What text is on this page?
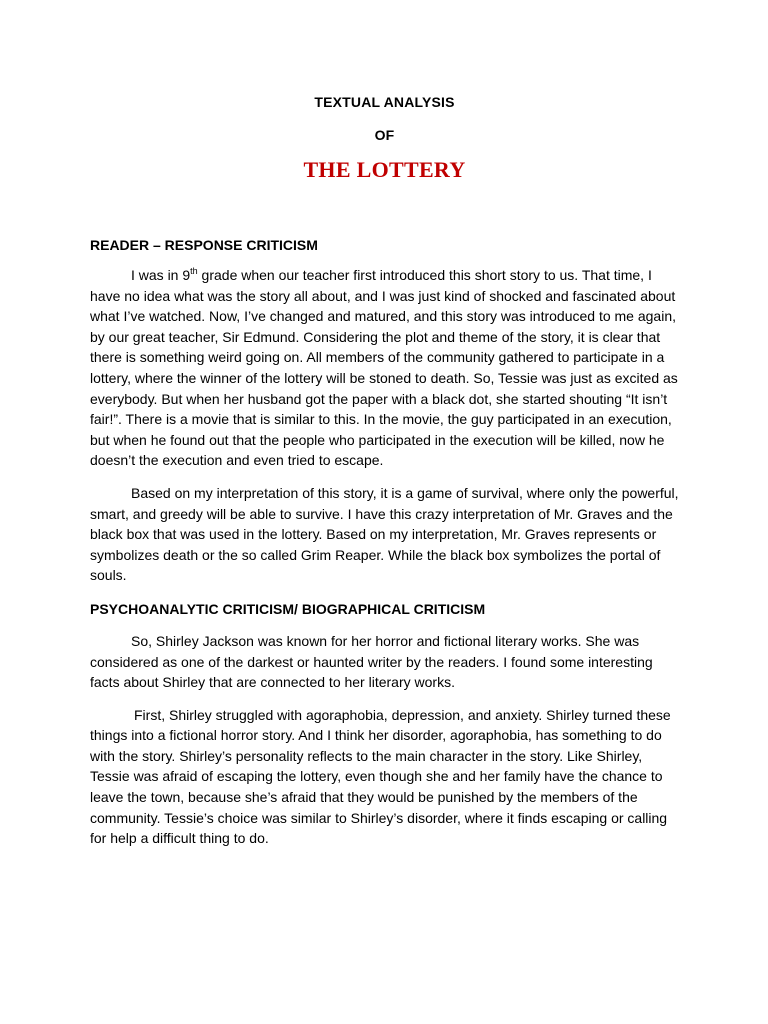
TEXTUAL ANALYSIS
OF
THE LOTTERY
READER – RESPONSE CRITICISM

I was in 9th grade when our teacher first introduced this short story to us. That time, I have no idea what was the story all about, and I was just kind of shocked and fascinated about what I’ve watched. Now, I’ve changed and matured, and this story was introduced to me again, by our great teacher, Sir Edmund. Considering the plot and theme of the story, it is clear that there is something weird going on. All members of the community gathered to participate in a lottery, where the winner of the lottery will be stoned to death. So, Tessie was just as excited as everybody. But when her husband got the paper with a black dot, she started shouting “It isn’t fair!”. There is a movie that is similar to this. In the movie, the guy participated in an execution, but when he found out that the people who participated in the execution will be killed, now he doesn’t the execution and even tried to escape.

Based on my interpretation of this story, it is a game of survival, where only the powerful, smart, and greedy will be able to survive. I have this crazy interpretation of Mr. Graves and the black box that was used in the lottery. Based on my interpretation, Mr. Graves represents or symbolizes death or the so called Grim Reaper. While the black box symbolizes the portal of souls.

PSYCHOANALYTIC CRITICISM/ BIOGRAPHICAL CRITICISM

So, Shirley Jackson was known for her horror and fictional literary works. She was considered as one of the darkest or haunted writer by the readers. I found some interesting facts about Shirley that are connected to her literary works.

First, Shirley struggled with agoraphobia, depression, and anxiety. Shirley turned these things into a fictional horror story. And I think her disorder, agoraphobia, has something to do with the story. Shirley’s personality reflects to the main character in the story. Like Shirley, Tessie was afraid of escaping the lottery, even though she and her family have the chance to leave the town, because she’s afraid that they would be punished by the members of the community. Tessie’s choice was similar to Shirley’s disorder, where it finds escaping or calling for help a difficult thing to do.
